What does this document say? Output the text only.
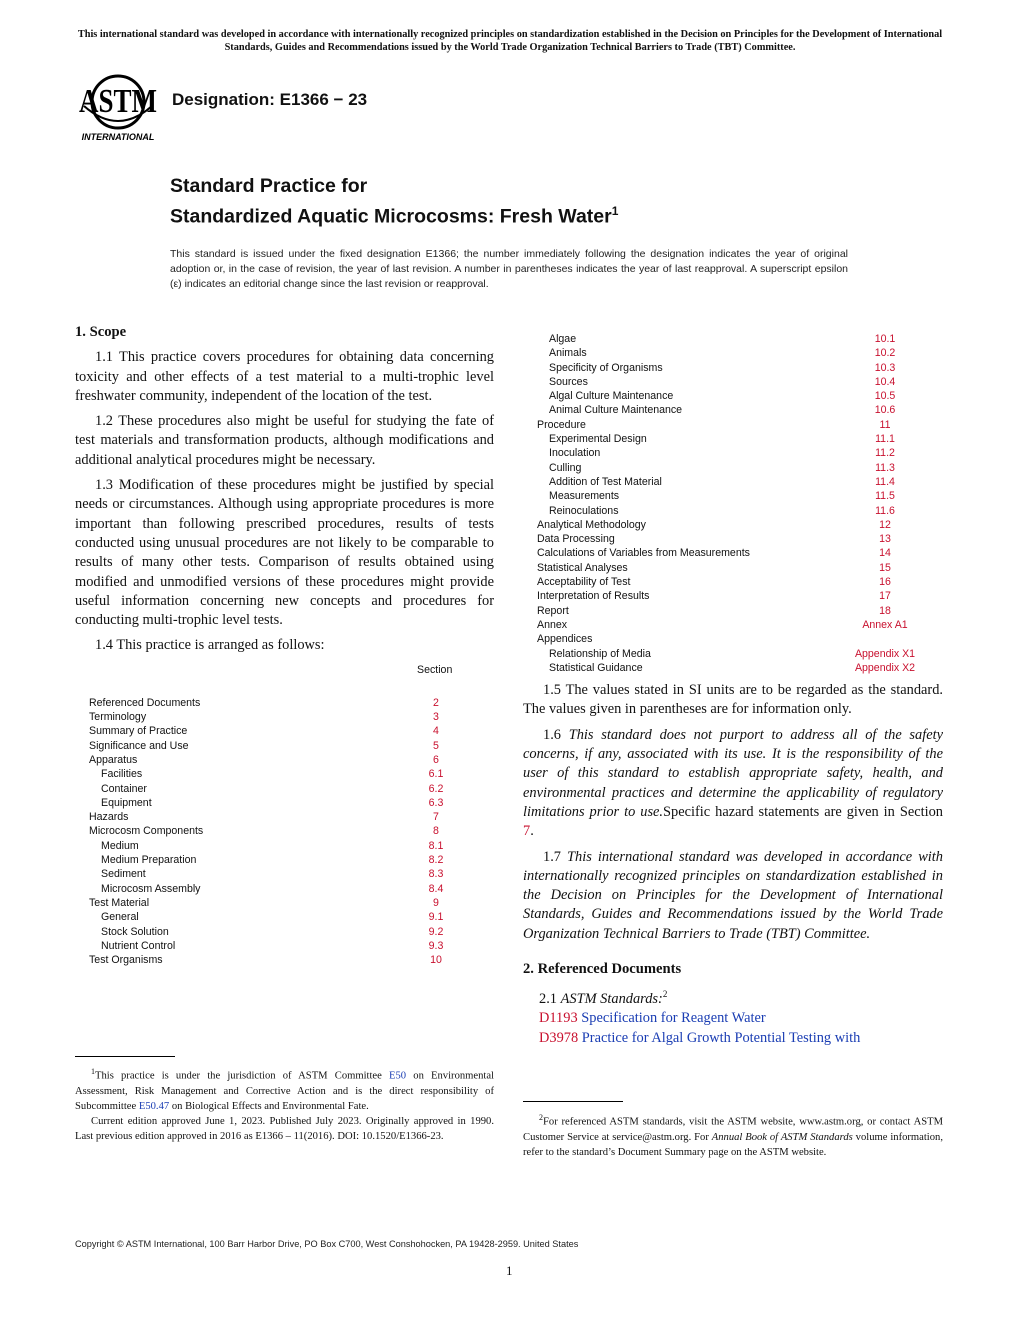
This international standard was developed in accordance with internationally recognized principles on standardization established in the Decision on Principles for the Development of International Standards, Guides and Recommendations issued by the World Trade Organization Technical Barriers to Trade (TBT) Committee.
ASTM
INTERNATIONAL
Designation: E1366 − 23
Standard Practice for
Standardized Aquatic Microcosms: Fresh Water$^1$
This standard is issued under the fixed designation E1366; the number immediately following the designation indicates the year of original adoption or, in the case of revision, the year of last revision. A number in parentheses indicates the year of last reapproval. A superscript epsilon (ε) indicates an editorial change since the last revision or reapproval.
1. Scope

1.1 This practice covers procedures for obtaining data concerning toxicity and other effects of a test material to a multi-trophic level freshwater community, independent of the location of the test.

1.2 These procedures also might be useful for studying the fate of test materials and transformation products, although modifications and additional analytical procedures might be necessary.

1.3 Modification of these procedures might be justified by special needs or circumstances. Although using appropriate procedures is more important than following prescribed procedures, results of tests conducted using unusual procedures are not likely to be comparable to results of many other tests. Comparison of results obtained using modified and unmodified versions of these procedures might provide useful information concerning new concepts and procedures for conducting multi-trophic level tests.

1.4 This practice is arranged as follows:

Section
Referenced Documents	2
Terminology	3
Summary of Practice	4
Significance and Use	5
Apparatus	6
Facilities	6.1
Container	6.2
Equipment	6.3
Hazards	7
Microcosm Components	8
Medium	8.1
Medium Preparation	8.2
Sediment	8.3
Microcosm Assembly	8.4
Test Material	9
General	9.1
Stock Solution	9.2
Nutrient Control	9.3
Test Organisms	10
Algae	10.1
Animals	10.2
Specificity of Organisms	10.3
Sources	10.4
Algal Culture Maintenance	10.5
Animal Culture Maintenance	10.6
Procedure	11
Experimental Design	11.1
Inoculation	11.2
Culling	11.3
Addition of Test Material	11.4
Measurements	11.5
Reinoculations	11.6
Analytical Methodology	12
Data Processing	13
Calculations of Variables from Measurements	14
Statistical Analyses	15
Acceptability of Test	16
Interpretation of Results	17
Report	18
Annex	Annex A1
Appendices
Relationship of Media	Appendix X1
Statistical Guidance	Appendix X2

1.5 The values stated in SI units are to be regarded as the standard. The values given in parentheses are for information only.

1.6 This standard does not purport to address all of the safety concerns, if any, associated with its use. It is the responsibility of the user of this standard to establish appropriate safety, health, and environmental practices and determine the applicability of regulatory limitations prior to use.Specific hazard statements are given in Section 7.

1.7 This international standard was developed in accordance with internationally recognized principles on standardization established in the Decision on Principles for the Development of International Standards, Guides and Recommendations issued by the World Trade Organization Technical Barriers to Trade (TBT) Committee.

2. Referenced Documents
2.1 ASTM Standards:$^2$
D1193 Specification for Reagent Water
D3978 Practice for Algal Growth Potential Testing with

$^1$This practice is under the jurisdiction of ASTM Committee E50 on Environmental Assessment, Risk Management and Corrective Action and is the direct responsibility of Subcommittee E50.47 on Biological Effects and Environmental Fate.

Current edition approved June 1, 2023. Published July 2023. Originally approved in 1990. Last previous edition approved in 2016 as E1366 – 11(2016). DOI: 10.1520/E1366-23.

$^2$For referenced ASTM standards, visit the ASTM website, www.astm.org, or contact ASTM Customer Service at service@astm.org. For Annual Book of ASTM Standards volume information, refer to the standard’s Document Summary page on the ASTM website.

Copyright © ASTM International, 100 Barr Harbor Drive, PO Box C700, West Conshohocken, PA 19428-2959. United States
1
